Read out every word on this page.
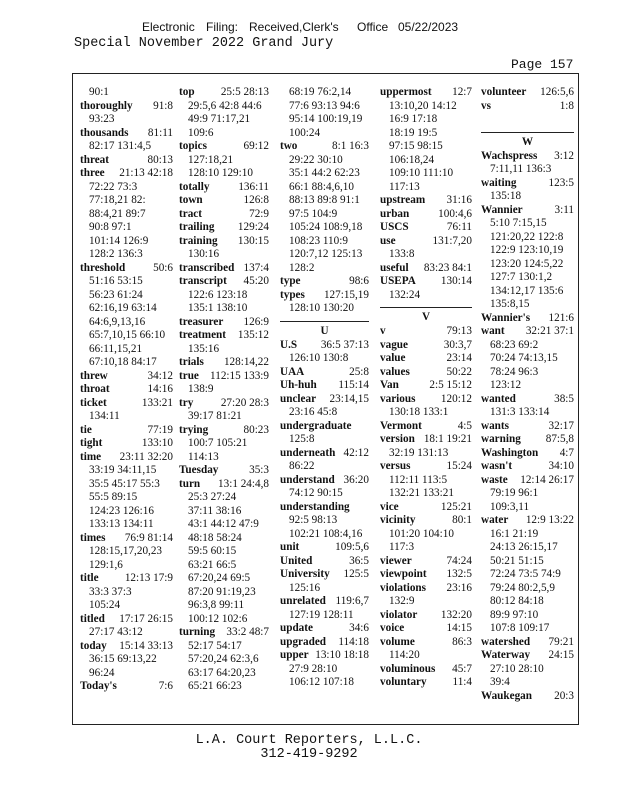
Electronic Filing: Received,Clerk's Office 05/22/2023
Special November 2022 Grand Jury
Page 157
90:1
thoroughly 91:8
93:23
thousands 81:11
82:17 131:4,5
threat	80:13
three 21:13 42:18
72:22 73:3
77:18,21 82:
88:4,21 89:7
90:8 97:1
101:14 126:9
128:2 136:3
threshold 50:6
51:16 53:15
56:23 61:24
62:16,19 63:14
64:6,9,13,16
65:7,10,15 66:10
66:11,15,21
67:10,18 84:17
threw	34:12
throat	14:16
ticket	133:21
134:11
tie	77:19
tight	133:10
time 23:11 32:20
33:19 34:11,15
35:5 45:17 55:3
55:5 89:15
124:23 126:16
133:13 134:11
times 76:9 81:14
128:15,17,20,23
129:1,6
title 12:13 17:9
33:3 37:3
105:24
titled 17:17 26:15
27:17 43:12
today 15:14 33:13
36:15 69:13,22
96:24
Today's	7:6
top 25:5 28:13
29:5,6 42:8 44:6
49:9 71:17,21
109:6
topics	69:12
127:18,21
128:10 129:10
totally	136:11
town	126:8
tract	72:9
trailing 129:24
training 130:15
130:16
transcribed 137:4
transcript 45:20
122:6 123:18
135:1 138:10
treasurer 126:9
treatment 135:12
135:16
trials 128:14,22
true 112:15 133:9
138:9
try 27:20 28:3
39:17 81:21
trying	80:23
100:7 105:21
114:13
Tuesday	35:3
turn 13:1 24:4,8
25:3 27:24
37:11 38:16
43:1 44:12 47:9
48:18 58:24
59:5 60:15
63:21 66:5
67:20,24 69:5
87:20 91:19,23
96:3,8 99:11
100:12 102:6
turning 33:2 48:7
52:17 54:17
57:20,24 62:3,6
63:17 64:20,23
65:21 66:23
68:19 76:2,14
77:6 93:13 94:6
95:14 100:19,19
100:24
two	8:1 16:3
29:22 30:10
35:1 44:2 62:23
66:1 88:4,6,10
88:13 89:8 91:1
97:5 104:9
105:24 108:9,18
108:23 110:9
120:7,12 125:13
128:2
type	98:6
types 127:15,19
128:10 130:20
U
U.S 36:5 37:13
126:10 130:8
UAA	25:8
Uh-huh 115:14
unclear 23:14,15
23:16 45:8
undergraduate
125:8
underneath 42:12
86:22
understand 36:20
74:12 90:15
understanding
92:5 98:13
102:21 108:4,16
unit	109:5,6
United	36:5
University 125:5
125:16
unrelated 119:6,7
127:19 128:11
update	34:6
upgraded 114:18
upper 13:10 18:18
27:9 28:10
106:12 107:18
uppermost 12:7
13:10,20 14:12
16:9 17:18
18:19 19:5
97:15 98:15
106:18,24
109:10 111:10
117:13
upstream 31:16
urban	100:4,6
USCS	76:11
use	131:7,20
133:8
useful 83:23 84:1
USEPA 130:14
132:24
V
v	79:13
vague	30:3,7
value	23:14
values	50:22
Van	2:5 15:12
various 120:12
130:18 133:1
Vermont	4:5
version 18:1 19:21
32:19 131:13
versus	15:24
112:11 113:5
132:21 133:21
vice	125:21
vicinity	80:1
101:20 104:10
117:3
viewer	74:24
viewpoint 132:5
violations 23:16
132:9
violator 132:20
voice	14:15
volume	86:3
114:20
voluminous 45:7
voluntary 11:4
volunteer 126:5,6
vs	1:8
W
Wachspress 3:12
7:11,11 136:3
waiting	123:5
135:18
Wannier	3:11
5:10 7:15,15
121:20,22 122:8
122:9 123:10,19
123:20 124:5,22
127:7 130:1,2
134:12,17 135:6
135:8,15
Wannier's 121:6
want 32:21 37:1
68:23 69:2
70:24 74:13,15
78:24 96:3
123:12
wanted	38:5
131:3 133:14
wants	32:17
warning 87:5,8
Washington 4:7
wasn't	34:10
waste 12:14 26:17
79:19 96:1
109:3,11
water 12:9 13:22
16:1 21:19
24:13 26:15,17
50:21 51:15
72:24 73:5 74:9
79:24 80:2,5,9
80:12 84:18
89:9 97:10
107:8 109:17
watershed 79:21
Waterway 24:15
27:10 28:10
39:4
Waukegan 20:3
L.A. Court Reporters, L.L.C.
312-419-9292
